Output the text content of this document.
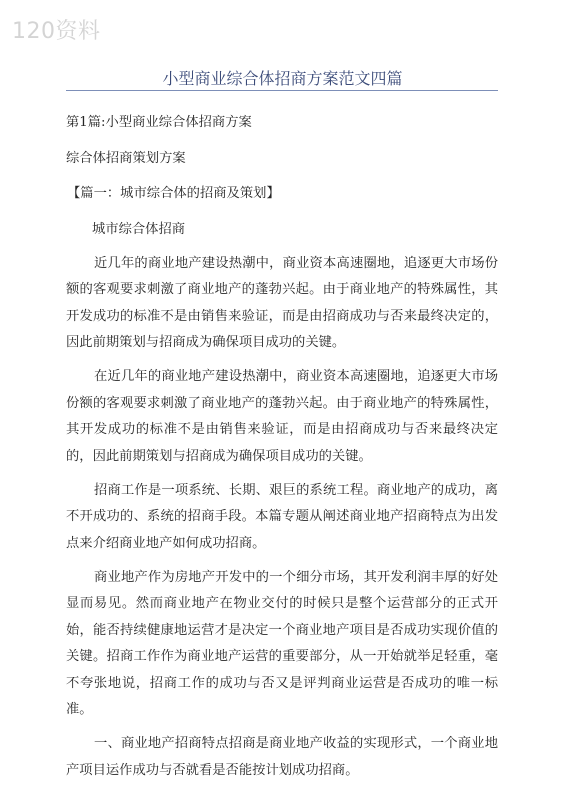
120资料
小型商业综合体招商方案范文四篇

第1篇:小型商业综合体招商方案

综合体招商策划方案

【篇一：城市综合体的招商及策划】

城市综合体招商

近几年的商业地产建设热潮中，商业资本高速圈地，追逐更大市场份额的客观要求刺激了商业地产的蓬勃兴起。由于商业地产的特殊属性，其开发成功的标准不是由销售来验证，而是由招商成功与否来最终决定的，因此前期策划与招商成为确保项目成功的关键。

在近几年的商业地产建设热潮中，商业资本高速圈地，追逐更大市场份额的客观要求刺激了商业地产的蓬勃兴起。由于商业地产的特殊属性，其开发成功的标准不是由销售来验证，而是由招商成功与否来最终决定的，因此前期策划与招商成为确保项目成功的关键。

招商工作是一项系统、长期、艰巨的系统工程。商业地产的成功，离不开成功的、系统的招商手段。本篇专题从阐述商业地产招商特点为出发点来介绍商业地产如何成功招商。

商业地产作为房地产开发中的一个细分市场，其开发利润丰厚的好处显而易见。然而商业地产在物业交付的时候只是整个运营部分的正式开始，能否持续健康地运营才是决定一个商业地产项目是否成功实现价值的关键。招商工作作为商业地产运营的重要部分，从一开始就举足轻重，毫不夸张地说，招商工作的成功与否又是评判商业运营是否成功的唯一标准。

一、商业地产招商特点招商是商业地产收益的实现形式，一个商业地产项目运作成功与否就看是否能按计划成功招商。
